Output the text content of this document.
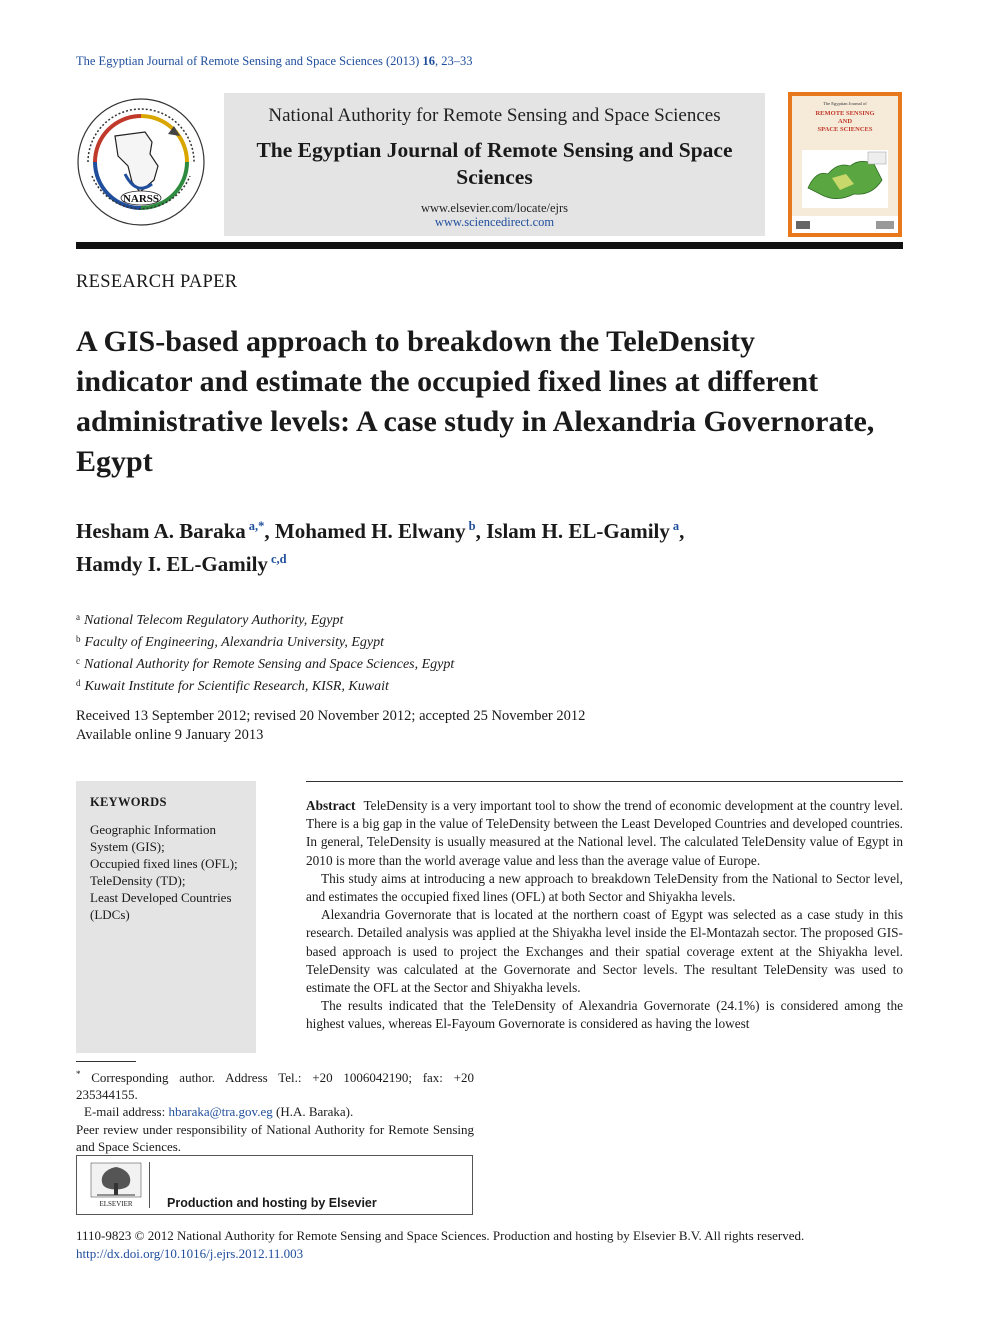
The Egyptian Journal of Remote Sensing and Space Sciences (2013) 16, 23–33
NARSS
National Authority for Remote Sensing and Space Sciences
The Egyptian Journal of Remote Sensing and Space Sciences
www.elsevier.com/locate/ejrs
www.sciencedirect.com
The Egyptian Journal of
REMOTE SENSING
AND
SPACE SCIENCES
RESEARCH PAPER
A GIS-based approach to breakdown the TeleDensity indicator and estimate the occupied fixed lines at different administrative levels: A case study in Alexandria Governorate, Egypt
Hesham A. Baraka $^{a,*}$, Mohamed H. Elwany $^b$, Islam H. EL-Gamily $^a$,
Hamdy I. EL-Gamily $^{c,d}$
$^a$ National Telecom Regulatory Authority, Egypt
$^b$ Faculty of Engineering, Alexandria University, Egypt
$^c$ National Authority for Remote Sensing and Space Sciences, Egypt
$^d$ Kuwait Institute for Scientific Research, KISR, Kuwait
Received 13 September 2012; revised 20 November 2012; accepted 25 November 2012
Available online 9 January 2013
KEYWORDS
Geographic Information System (GIS);
Occupied fixed lines (OFL);
TeleDensity (TD);
Least Developed Countries (LDCs)

Abstract TeleDensity is a very important tool to show the trend of economic development at the country level. There is a big gap in the value of TeleDensity between the Least Developed Countries and developed countries. In general, TeleDensity is usually measured at the National level. The calculated TeleDensity value of Egypt in 2010 is more than the world average value and less than the average value of Europe.

This study aims at introducing a new approach to breakdown TeleDensity from the National to Sector level, and estimates the occupied fixed lines (OFL) at both Sector and Shiyakha levels.

Alexandria Governorate that is located at the northern coast of Egypt was selected as a case study in this research. Detailed analysis was applied at the Shiyakha level inside the El-Montazah sector. The proposed GIS-based approach is used to project the Exchanges and their spatial coverage extent at the Shiyakha level. TeleDensity was calculated at the Governorate and Sector levels. The resultant TeleDensity was used to estimate the OFL at the Sector and Shiyakha levels.

The results indicated that the TeleDensity of Alexandria Governorate (24.1%) is considered among the highest values, whereas El-Fayoum Governorate is considered as having the lowest

* Corresponding author. Address Tel.: +20 1006042190; fax: +20 235344155.
E-mail address: hbaraka@tra.gov.eg (H.A. Baraka).
Peer review under responsibility of National Authority for Remote Sensing and Space Sciences.
ELSEVIER	Production and hosting by Elsevier
1110-9823 © 2012 National Authority for Remote Sensing and Space Sciences. Production and hosting by Elsevier B.V. All rights reserved.
http://dx.doi.org/10.1016/j.ejrs.2012.11.003
